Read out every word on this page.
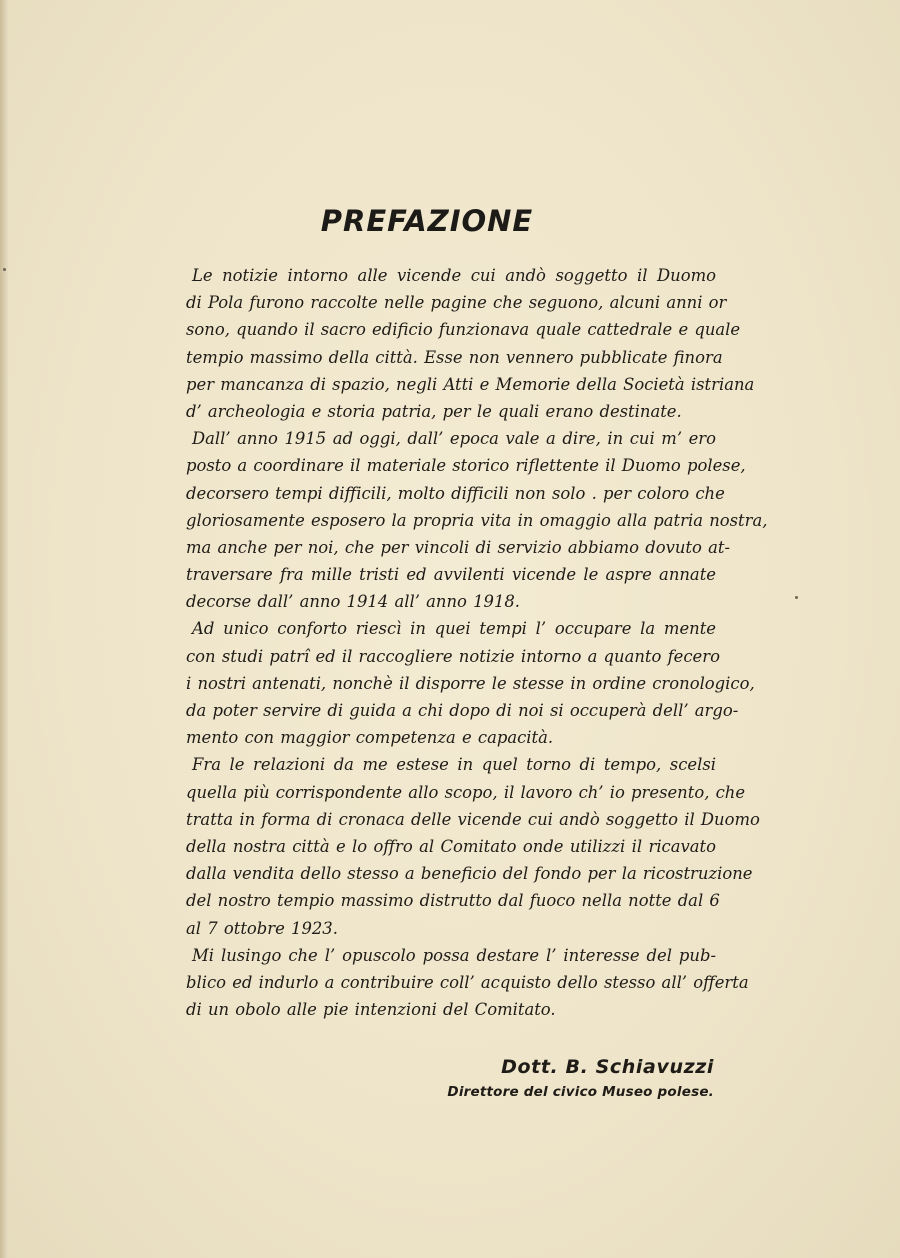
PREFAZIONE
Le notizie intorno alle vicende cui andò soggetto il Duomo
di Pola furono raccolte nelle pagine che seguono, alcuni anni or
sono, quando il sacro edificio funzionava quale cattedrale e quale
tempio massimo della città. Esse non vennero pubblicate finora
per mancanza di spazio, negli Atti e Memorie della Società istriana
d’ archeologia e storia patria, per le quali erano destinate.
Dall’ anno 1915 ad oggi, dall’ epoca vale a dire, in cui m’ ero
posto a coordinare il materiale storico riflettente il Duomo polese,
decorsero tempi difficili, molto difficili non solo . per coloro che
gloriosamente esposero la propria vita in omaggio alla patria nostra,
ma anche per noi, che per vincoli di servizio abbiamo dovuto at-
traversare fra mille tristi ed avvilenti vicende le aspre annate
decorse dall’ anno 1914 all’ anno 1918.
Ad unico conforto riescì in quei tempi l’ occupare la mente
con studi patrî ed il raccogliere notizie intorno a quanto fecero
i nostri antenati, nonchè il disporre le stesse in ordine cronologico,
da poter servire di guida a chi dopo di noi si occuperà dell’ argo-
mento con maggior competenza e capacità.
Fra le relazioni da me estese in quel torno di tempo, scelsi
quella più corrispondente allo scopo, il lavoro ch’ io presento, che
tratta in forma di cronaca delle vicende cui andò soggetto il Duomo
della nostra città e lo offro al Comitato onde utilizzi il ricavato
dalla vendita dello stesso a beneficio del fondo per la ricostruzione
del nostro tempio massimo distrutto dal fuoco nella notte dal 6
al 7 ottobre 1923.
Mi lusingo che l’ opuscolo possa destare l’ interesse del pub-
blico ed indurlo a contribuire coll’ acquisto dello stesso all’ offerta
di un obolo alle pie intenzioni del Comitato.
Dott. B. Schiavuzzi
Direttore del civico Museo polese.
